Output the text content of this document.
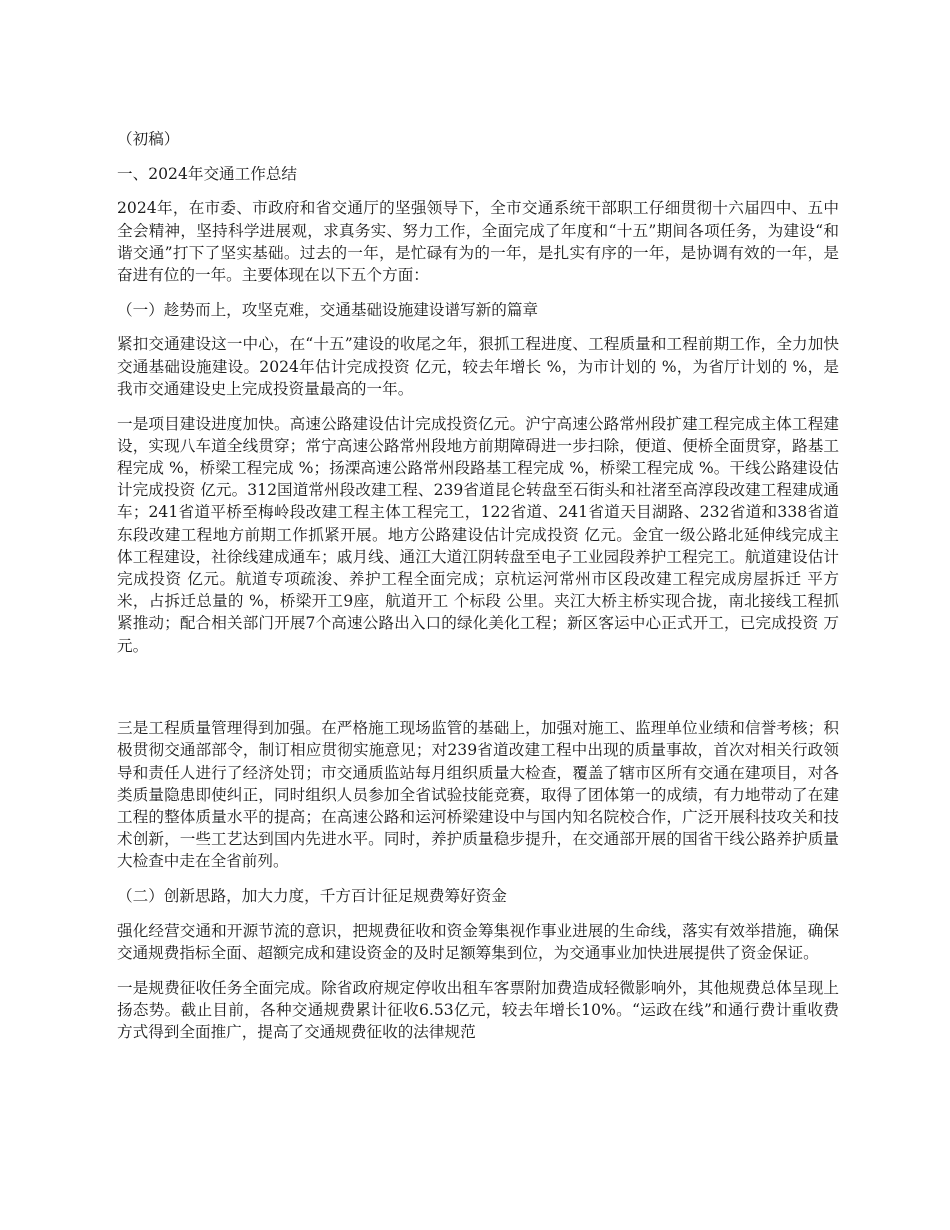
（初稿）

一、2024年交通工作总结

2024年，在市委、市政府和省交通厅的坚强领导下，全市交通系统干部职工仔细贯彻十六届四中、五中全会精神，坚持科学进展观，求真务实、努力工作，全面完成了年度和“十五”期间各项任务，为建设“和谐交通”打下了坚实基础。过去的一年，是忙碌有为的一年，是扎实有序的一年，是协调有效的一年，是奋进有位的一年。主要体现在以下五个方面：

（一）趁势而上，攻坚克难，交通基础设施建设谱写新的篇章

紧扣交通建设这一中心，在“十五”建设的收尾之年，狠抓工程进度、工程质量和工程前期工作，全力加快交通基础设施建设。2024年估计完成投资 亿元，较去年增长 %，为市计划的 %，为省厅计划的 %，是我市交通建设史上完成投资量最高的一年。

一是项目建设进度加快。高速公路建设估计完成投资亿元。沪宁高速公路常州段扩建工程完成主体工程建设，实现八车道全线贯穿；常宁高速公路常州段地方前期障碍进一步扫除，便道、便桥全面贯穿，路基工程完成 %，桥梁工程完成 %；扬溧高速公路常州段路基工程完成 %，桥梁工程完成 %。干线公路建设估计完成投资 亿元。312国道常州段改建工程、239省道昆仑转盘至石街头和社渚至高淳段改建工程建成通车；241省道平桥至梅岭段改建工程主体工程完工，122省道、241省道天目湖路、232省道和338省道东段改建工程地方前期工作抓紧开展。地方公路建设估计完成投资 亿元。金宜一级公路北延伸线完成主体工程建设，社徐线建成通车；戚月线、通江大道江阴转盘至电子工业园段养护工程完工。航道建设估计完成投资 亿元。航道专项疏浚、养护工程全面完成；京杭运河常州市区段改建工程完成房屋拆迁 平方米，占拆迁总量的 %，桥梁开工9座，航道开工 个标段 公里。夹江大桥主桥实现合拢，南北接线工程抓紧推动；配合相关部门开展7个高速公路出入口的绿化美化工程；新区客运中心正式开工，已完成投资 万元。

三是工程质量管理得到加强。在严格施工现场监管的基础上，加强对施工、监理单位业绩和信誉考核；积极贯彻交通部部令，制订相应贯彻实施意见；对239省道改建工程中出现的质量事故，首次对相关行政领导和责任人进行了经济处罚；市交通质监站每月组织质量大检查，覆盖了辖市区所有交通在建项目，对各类质量隐患即使纠正，同时组织人员参加全省试验技能竞赛，取得了团体第一的成绩，有力地带动了在建工程的整体质量水平的提高；在高速公路和运河桥梁建设中与国内知名院校合作，广泛开展科技攻关和技术创新，一些工艺达到国内先进水平。同时，养护质量稳步提升，在交通部开展的国省干线公路养护质量大检查中走在全省前列。

（二）创新思路，加大力度，千方百计征足规费筹好资金

强化经营交通和开源节流的意识，把规费征收和资金筹集视作事业进展的生命线，落实有效举措施，确保交通规费指标全面、超额完成和建设资金的及时足额筹集到位，为交通事业加快进展提供了资金保证。

一是规费征收任务全面完成。除省政府规定停收出租车客票附加费造成轻微影响外，其他规费总体呈现上扬态势。截止目前，各种交通规费累计征收6.53亿元，较去年增长10%。“运政在线”和通行费计重收费方式得到全面推广，提高了交通规费征收的法律规范
